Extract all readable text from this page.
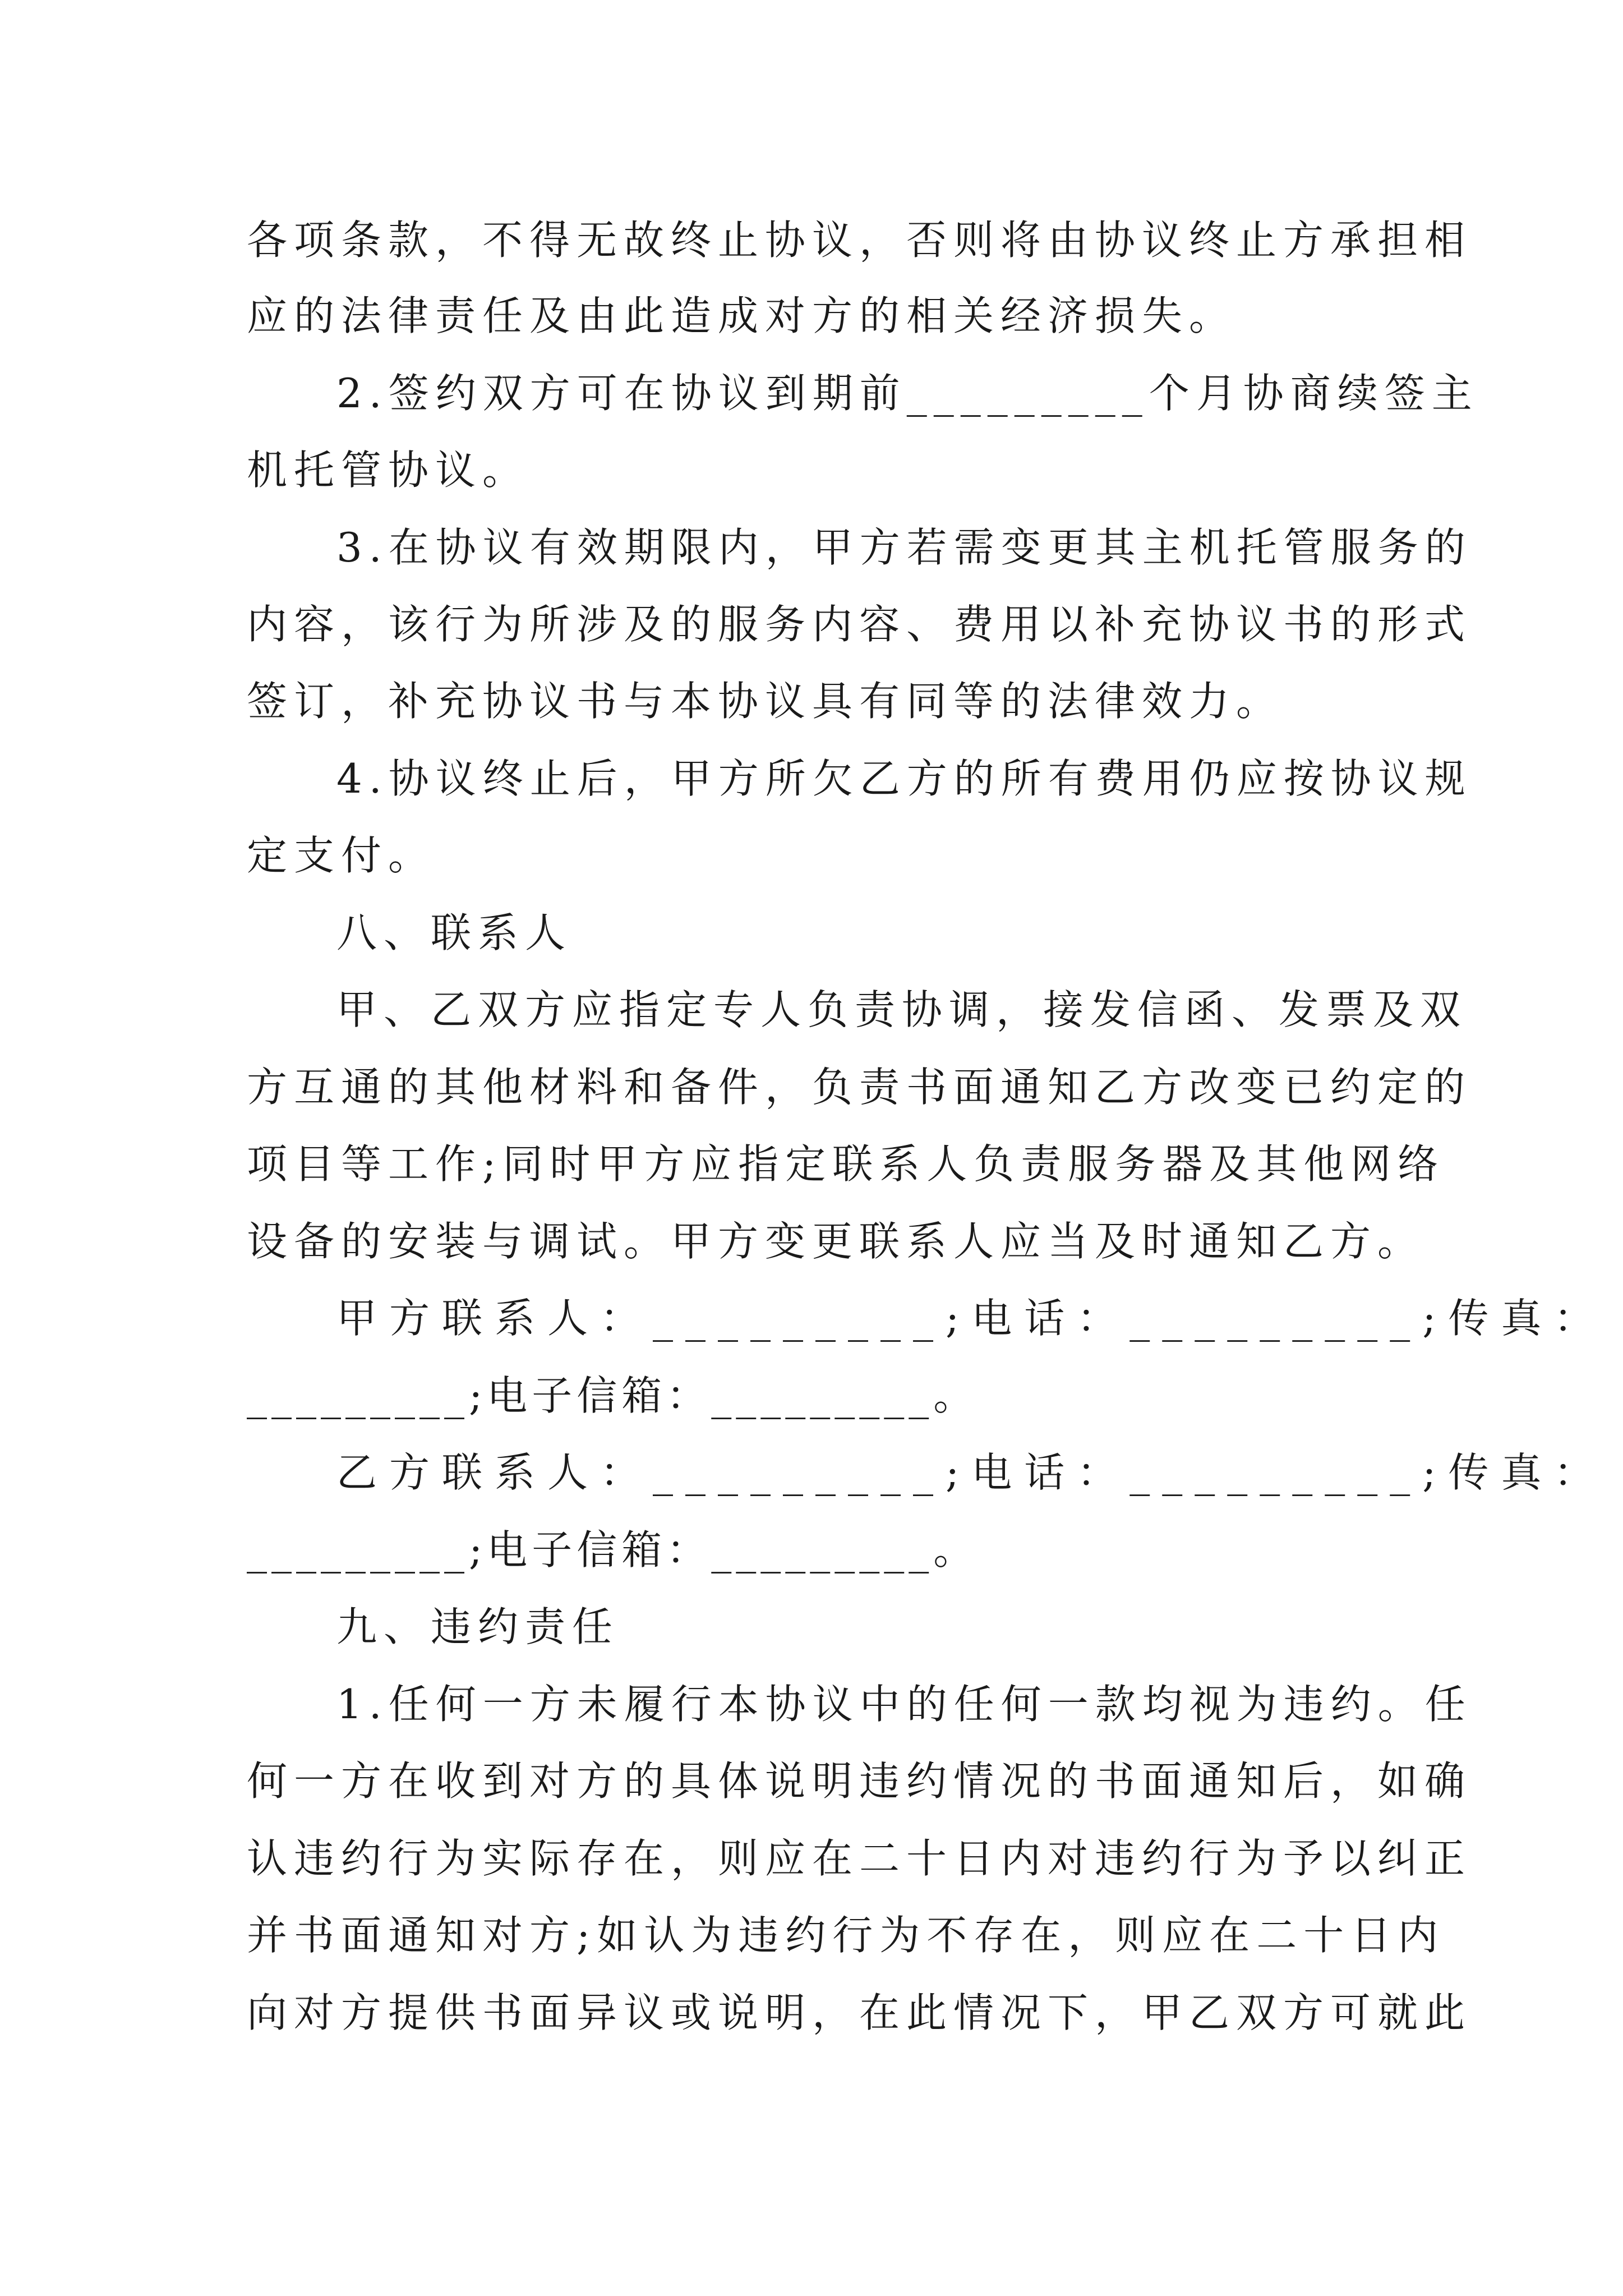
各项条款，不得无故终止协议，否则将由协议终止方承担相
应的法律责任及由此造成对方的相关经济损失。
2.签约双方可在协议到期前_________个月协商续签主
机托管协议。
3.在协议有效期限内，甲方若需变更其主机托管服务的
内容，该行为所涉及的服务内容、费用以补充协议书的形式
签订，补充协议书与本协议具有同等的法律效力。
4.协议终止后，甲方所欠乙方的所有费用仍应按协议规
定支付。
八、联系人
甲、乙双方应指定专人负责协调，接发信函、发票及双
方互通的其他材料和备件，负责书面通知乙方改变已约定的
项目等工作;同时甲方应指定联系人负责服务器及其他网络
设备的安装与调试。甲方变更联系人应当及时通知乙方。
甲方联系人：_________;电话：_________;传真：
_________;电子信箱：_________。
乙方联系人：_________;电话：_________;传真：
_________;电子信箱：_________。
九、违约责任
1.任何一方未履行本协议中的任何一款均视为违约。任
何一方在收到对方的具体说明违约情况的书面通知后，如确
认违约行为实际存在，则应在二十日内对违约行为予以纠正
并书面通知对方;如认为违约行为不存在，则应在二十日内
向对方提供书面异议或说明，在此情况下，甲乙双方可就此
